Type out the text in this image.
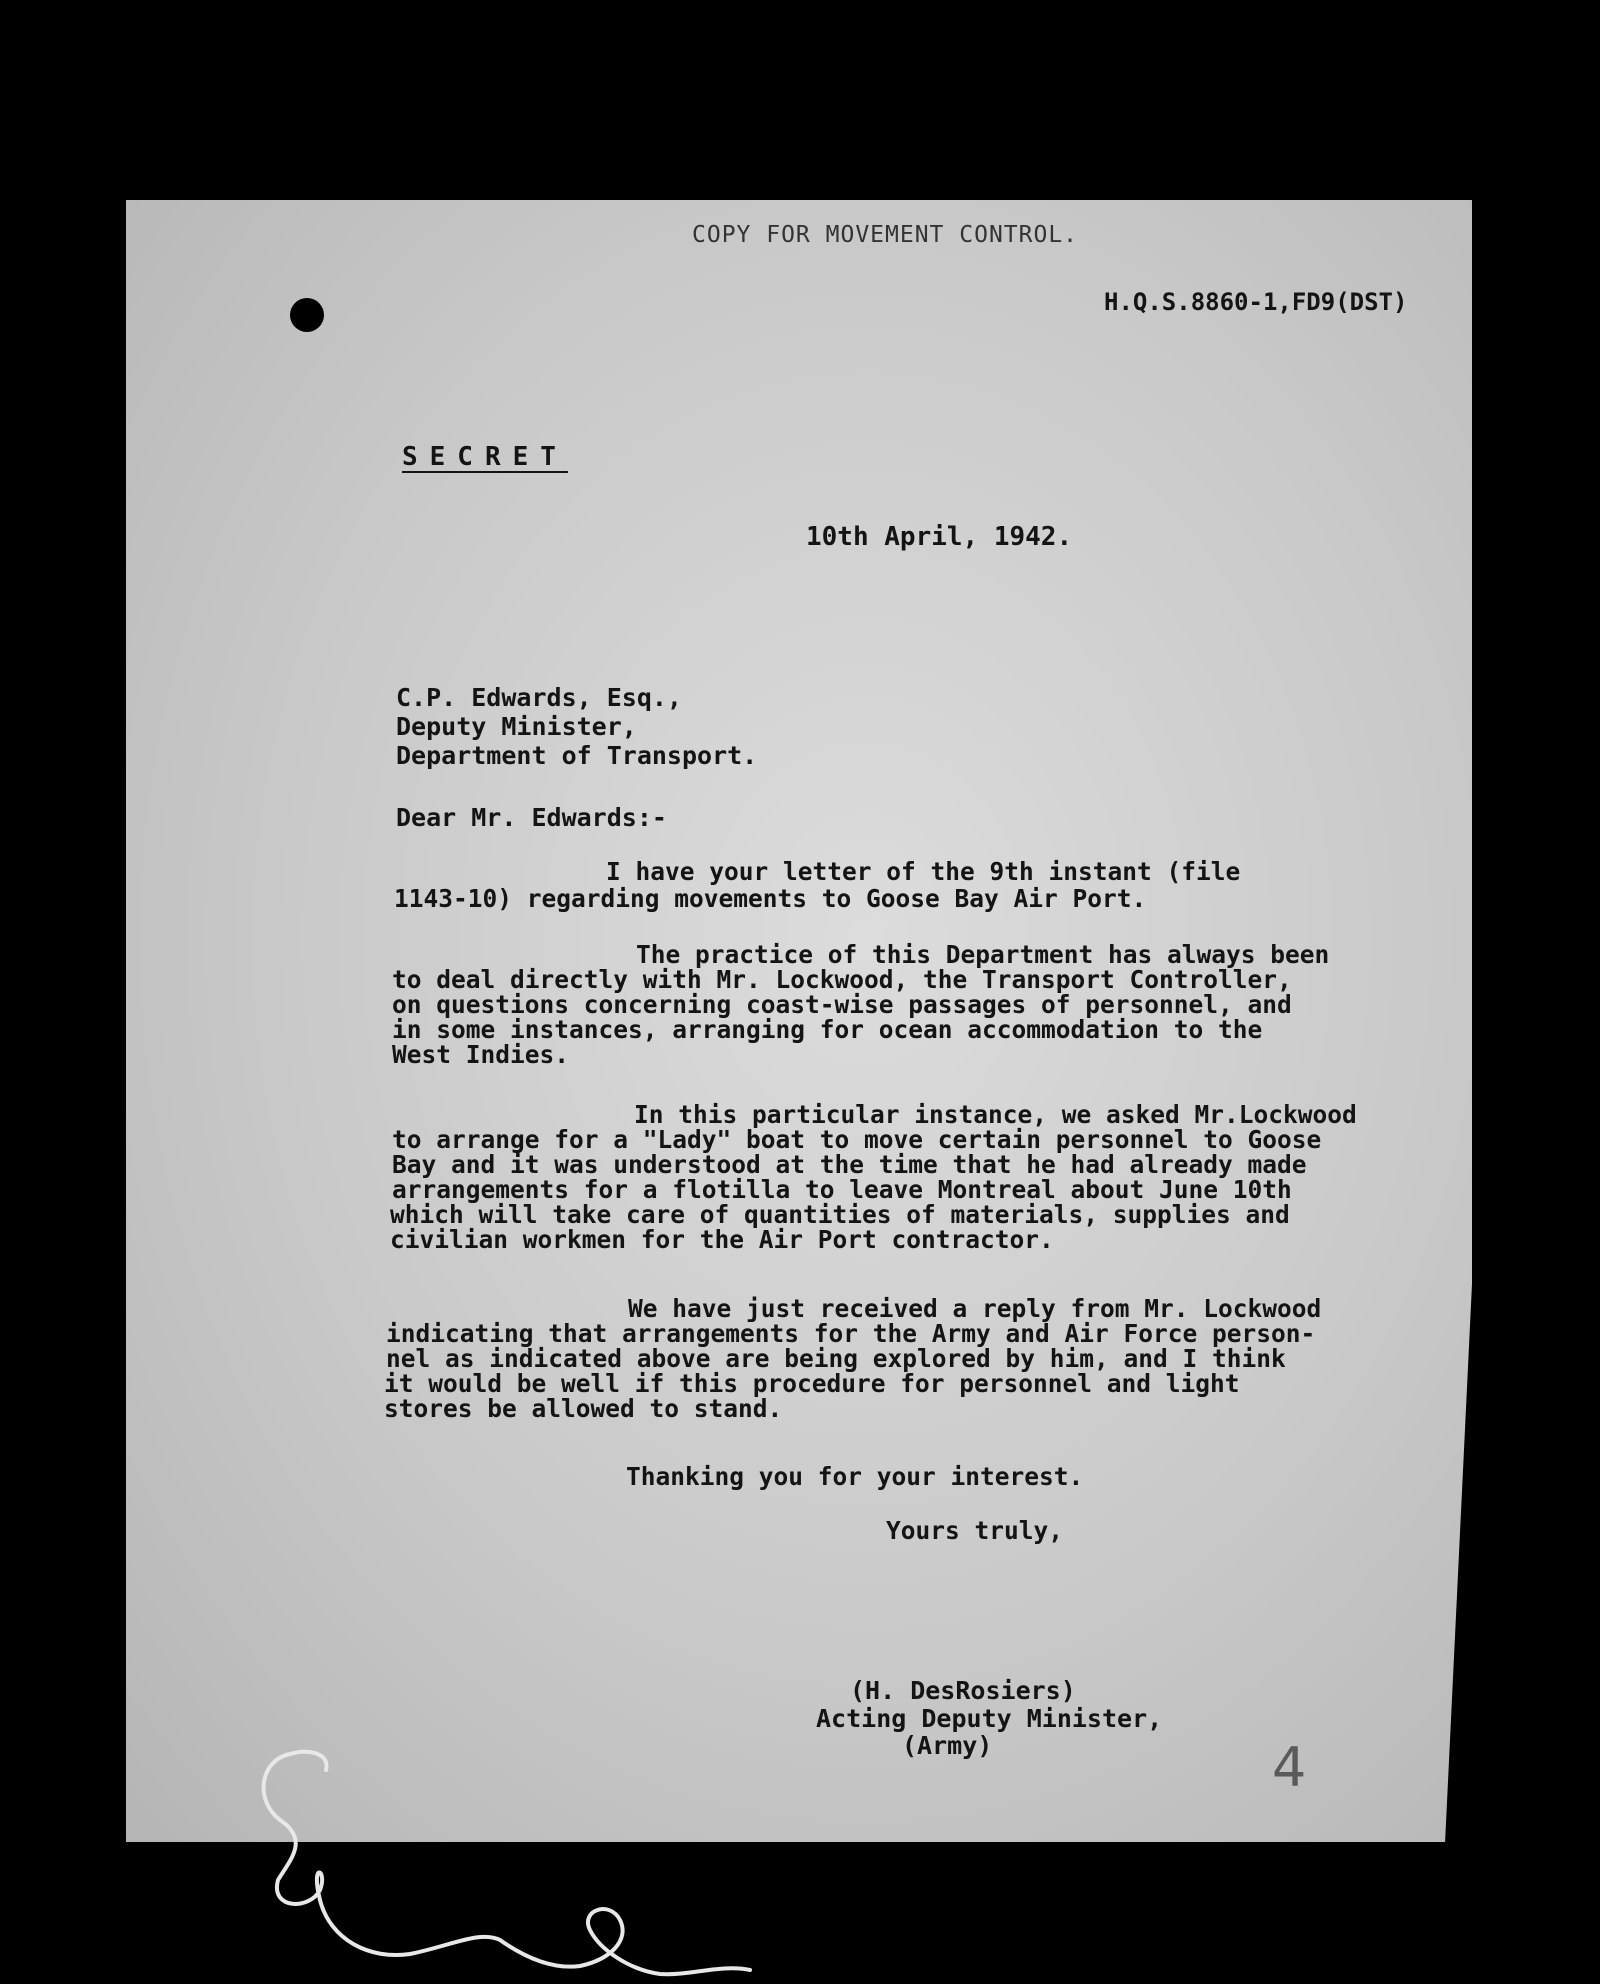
COPY FOR MOVEMENT CONTROL.
H.Q.S.8860-1,FD9(DST)
SECRET
10th April, 1942.
C.P. Edwards, Esq.,
Deputy Minister,
Department of Transport.
Dear Mr. Edwards:-
I have your letter of the 9th instant (file
1143-10) regarding movements to Goose Bay Air Port.
The practice of this Department has always been
to deal directly with Mr. Lockwood, the Transport Controller,
on questions concerning coast-wise passages of personnel, and
in some instances, arranging for ocean accommodation to the
West Indies.
In this particular instance, we asked Mr.Lockwood
to arrange for a "Lady" boat to move certain personnel to Goose
Bay and it was understood at the time that he had already made
arrangements for a flotilla to leave Montreal about June 10th
which will take care of quantities of materials, supplies and
civilian workmen for the Air Port contractor.
We have just received a reply from Mr. Lockwood
indicating that arrangements for the Army and Air Force person-
nel as indicated above are being explored by him, and I think
it would be well if this procedure for personnel and light
stores be allowed to stand.
Thanking you for your interest.
Yours truly,
(H. DesRosiers)
Acting Deputy Minister,
(Army)	4
